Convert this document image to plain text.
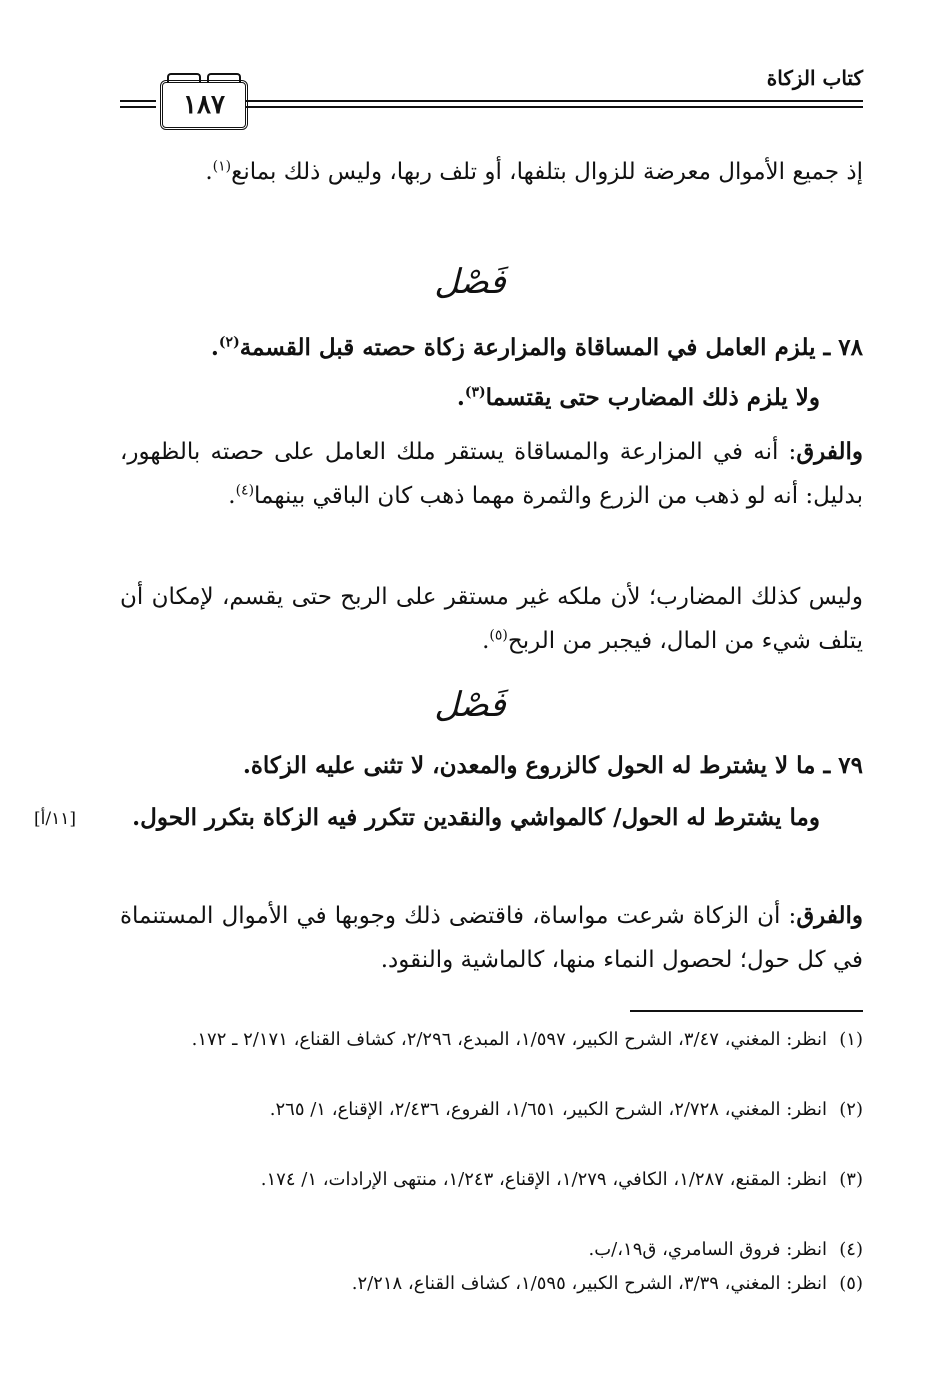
كتاب الزكاة
١٨٧
إذ جميع الأموال معرضة للزوال بتلفها، أو تلف ربها، وليس ذلك بمانع$^{(١)}$.
فَصْل
٧٨ ـ يلزم العامل في المساقاة والمزارعة زكاة حصته قبل القسمة$^{(٢)}$.
ولا يلزم ذلك المضارب حتى يقتسما$^{(٣)}$.
والفرق: أنه في المزارعة والمساقاة يستقر ملك العامل على حصته بالظهور، بدليل: أنه لو ذهب من الزرع والثمرة مهما ذهب كان الباقي بينهما$^{(٤)}$.
وليس كذلك المضارب؛ لأن ملكه غير مستقر على الربح حتى يقسم، لإمكان أن يتلف شيء من المال، فيجبر من الربح$^{(٥)}$.
فَصْل
٧٩ ـ ما لا يشترط له الحول كالزروع والمعدن، لا تثنى عليه الزكاة.
وما يشترط له الحول/ كالمواشي والنقدين تتكرر فيه الزكاة بتكرر الحول.
[١١/أ]
والفرق: أن الزكاة شرعت مواساة، فاقتضى ذلك وجوبها في الأموال المستنماة في كل حول؛ لحصول النماء منها، كالماشية والنقود.
(١)انظر: المغني، ٣/٤٧، الشرح الكبير، ١/٥٩٧، المبدع، ٢/٢٩٦، كشاف القناع، ٢/١٧١ ـ ١٧٢.
(٢)انظر: المغني، ٢/٧٢٨، الشرح الكبير، ١/٦٥١، الفروع، ٢/٤٣٦، الإقناع، ١/ ٢٦٥.
(٣)انظر: المقنع، ١/٢٨٧، الكافي، ١/٢٧٩، الإقناع، ١/٢٤٣، منتهى الإرادات، ١/ ١٧٤.
(٤)انظر: فروق السامري، ق١٩،/ب.
(٥)انظر: المغني، ٣/٣٩، الشرح الكبير، ١/٥٩٥، كشاف القناع، ٢/٢١٨.
